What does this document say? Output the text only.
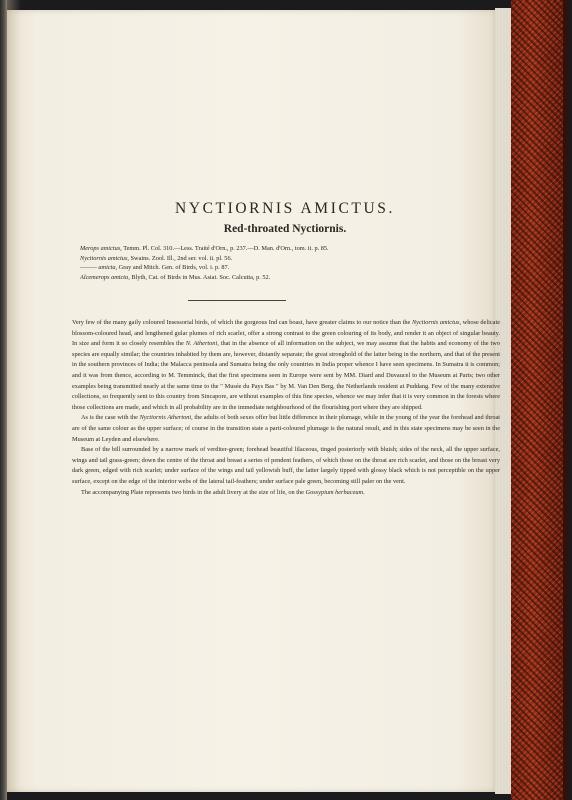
NYCTIORNIS AMICTUS.
Red-throated Nyctiornis.
Merops amictus, Temm. Pl. Col. 310.—Less. Traité d'Orn., p. 237.—D. Man. d'Orn., tom. ii. p. 85.
Nyctiornis amictus, Swains. Zool. Ill., 2nd ser. vol. ii. pl. 56.
——— amicta, Gray and Mitch. Gen. of Birds, vol. i. p. 87.
Alcemerops amicta, Blyth, Cat. of Birds in Mus. Asiat. Soc. Calcutta, p. 52.

Very few of the many gaily coloured Insessorial birds, of which the gorgeous Ind can boast, have greater claims to our notice than the Nyctiornis amictus, whose delicate blossom-coloured head, and lengthened gular plumes of rich scarlet, offer a strong contrast to the green colouring of its body, and render it an object of singular beauty. In size and form it so closely resembles the N. Athertoni, that in the absence of all information on the subject, we may assume that the habits and economy of the two species are equally similar; the countries inhabited by them are, however, distantly separate; the great stronghold of the latter being in the northern, and that of the present in the southern provinces of India; the Malacca peninsula and Sumatra being the only countries in India proper whence I have seen specimens. In Sumatra it is common; and it was from thence, according to M. Temminck, that the first specimens seen in Europe were sent by MM. Diard and Duvaucel to the Museum at Paris; two other examples being transmitted nearly at the same time to the " Musée du Pays Bas " by M. Van Den Berg, the Netherlands resident at Puddang. Few of the many extensive collections, so frequently sent to this country from Sincapore, are without examples of this fine species, whence we may infer that it is very common in the forests where those collections are made, and which in all probability are in the immediate neighbourhood of the flourishing port where they are shipped.

As is the case with the Nyctiornis Athertoni, the adults of both sexes offer but little difference in their plumage, while in the young of the year the forehead and throat are of the same colour as the upper surface; of course in the transition state a parti-coloured plumage is the natural result, and in this state specimens may be seen in the Museum at Leyden and elsewhere.

Base of the bill surrounded by a narrow mark of verditer-green; forehead beautiful lilaceous, tinged posteriorly with bluish; sides of the neck, all the upper surface, wings and tail grass-green; down the centre of the throat and breast a series of pendent feathers, of which those on the throat are rich scarlet, and those on the breast very dark green, edged with rich scarlet; under surface of the wings and tail yellowish buff, the latter largely tipped with glossy black which is not perceptible on the upper surface, except on the edge of the interior webs of the lateral tail-feathers; under surface pale green, becoming still paler on the vent.

The accompanying Plate represents two birds in the adult livery at the size of life, on the Gossypium herbaceum.
